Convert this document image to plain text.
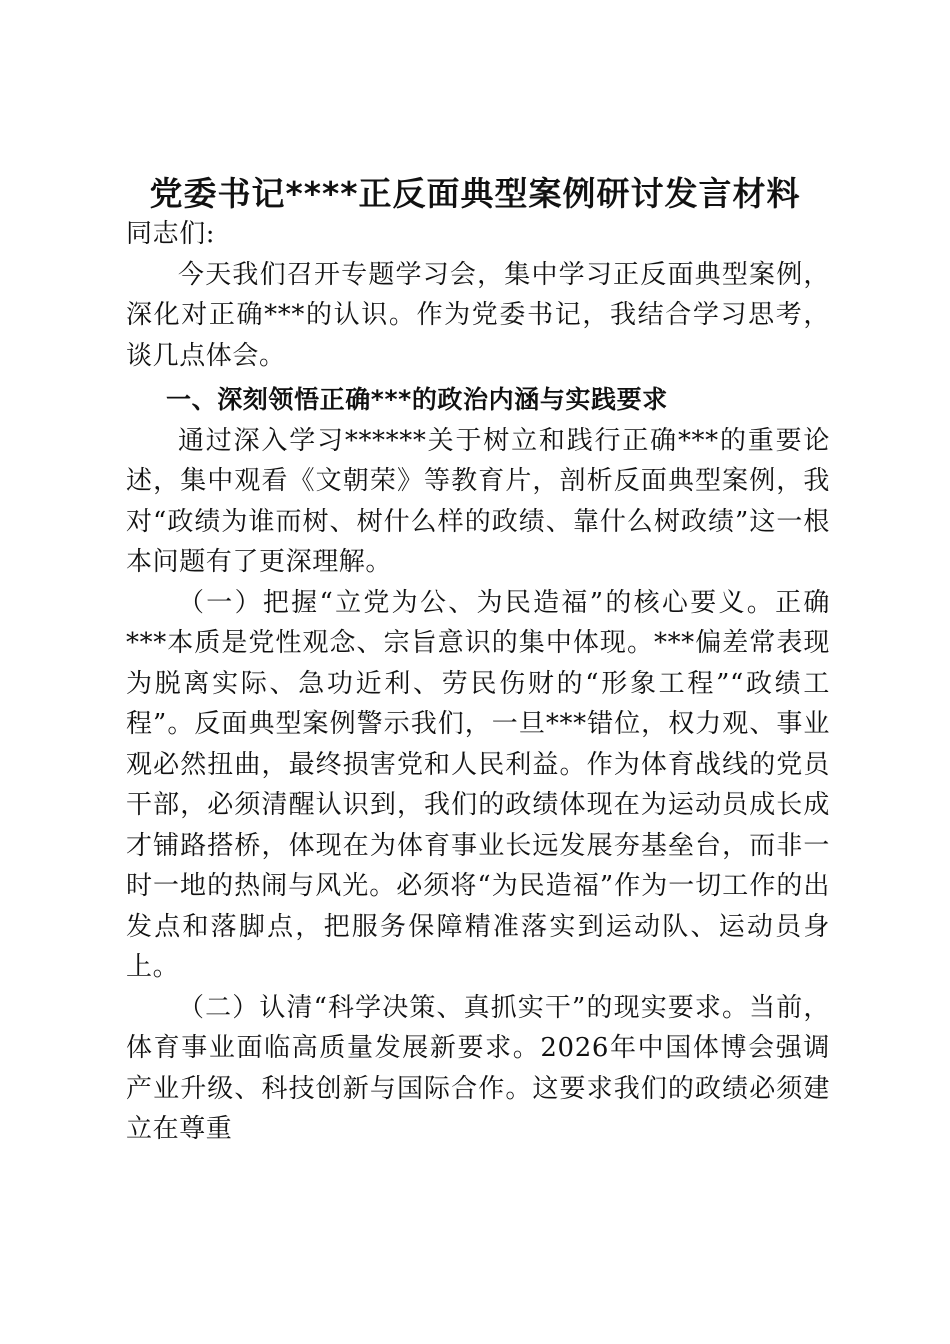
党委书记****正反面典型案例研讨发言材料

同志们:

今天我们召开专题学习会，集中学习正反面典型案例，深化对正确***的认识。作为党委书记，我结合学习思考，谈几点体会。

一、深刻领悟正确***的政治内涵与实践要求

通过深入学习******关于树立和践行正确***的重要论述，集中观看《文朝荣》等教育片，剖析反面典型案例，我对“政绩为谁而树、树什么样的政绩、靠什么树政绩”这一根本问题有了更深理解。

（一）把握“立党为公、为民造福”的核心要义。正确***本质是党性观念、宗旨意识的集中体现。***偏差常表现为脱离实际、急功近利、劳民伤财的“形象工程”“政绩工程”。反面典型案例警示我们，一旦***错位，权力观、事业观必然扭曲，最终损害党和人民利益。作为体育战线的党员干部，必须清醒认识到，我们的政绩体现在为运动员成长成才铺路搭桥，体现在为体育事业长远发展夯基垒台，而非一时一地的热闹与风光。必须将“为民造福”作为一切工作的出发点和落脚点，把服务保障精准落实到运动队、运动员身上。

（二）认清“科学决策、真抓实干”的现实要求。当前，体育事业面临高质量发展新要求。2026年中国体博会强调产业升级、科技创新与国际合作。这要求我们的政绩必须建立在尊重
